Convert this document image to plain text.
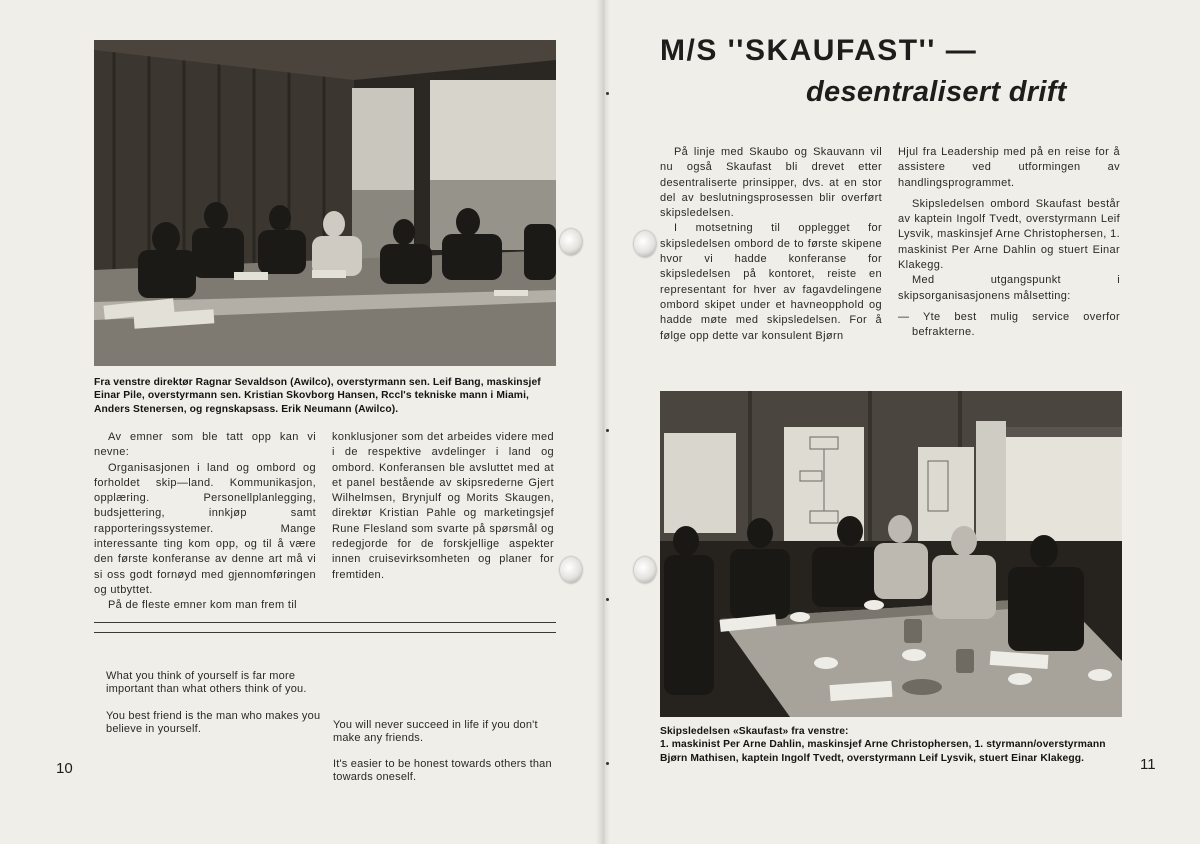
Fra venstre direktør Ragnar Sevaldson (Awilco), overstyrmann sen. Leif Bang, maskinsjef Einar Pile, overstyrmann sen. Kristian Skovborg Hansen, Rccl's tekniske mann i Miami, Anders Stenersen, og regnskapsass. Erik Neumann (Awilco).

Av emner som ble tatt opp kan vi nevne:

Organisasjonen i land og ombord og forholdet skip—land. Kommunikasjon, opplæring. Personellplanlegging, budsjettering, innkjøp samt rapporteringssystemer. Mange interessante ting kom opp, og til å være den første konferanse av denne art må vi si oss godt fornøyd med gjennomføringen og utbyttet.

På de fleste emner kom man frem til

konklusjoner som det arbeides videre med i de respektive avdelinger i land og ombord. Konferansen ble avsluttet med at et panel bestående av skipsrederne Gjert Wilhelmsen, Brynjulf og Morits Skaugen, direktør Kristian Pahle og marketingsjef Rune Flesland som svarte på spørsmål og redegjorde for de forskjellige aspekter innen cruisevirksomheten og planer for fremtiden.

What you think of yourself is far more important than what others think of you.
You best friend is the man who makes you believe in yourself.	You will never succeed in life if you don't make any friends.
It's easier to be honest towards others than towards oneself.
10
M/S ''SKAUFAST'' —
desentralisert drift

På linje med Skaubo og Skauvann vil nu også Skaufast bli drevet etter desentraliserte prinsipper, dvs. at en stor del av beslutningsprosessen blir overført skipsledelsen.

I motsetning til opplegget for skipsledelsen ombord de to første skipene hvor vi hadde konferanse for skipsledelsen på kontoret, reiste en representant for hver av fagavdelingene ombord skipet under et havneopphold og hadde møte med skipsledelsen. For å følge opp dette var konsulent Bjørn

Hjul fra Leadership med på en reise for å assistere ved utformingen av handlingsprogrammet.

Skipsledelsen ombord Skaufast består av kaptein Ingolf Tvedt, overstyrmann Leif Lysvik, maskinsjef Arne Christophersen, 1. maskinist Per Arne Dahlin og stuert Einar Klakegg.

Med utgangspunkt i skipsorganisasjonens målsetting:

— Yte best mulig service overfor befrakterne.

Skipsledelsen «Skaufast» fra venstre:
1. maskinist Per Arne Dahlin, maskinsjef Arne Christophersen, 1. styrmann/overstyrmann Bjørn Mathisen, kaptein Ingolf Tvedt, overstyrmann Leif Lysvik, stuert Einar Klakegg.	11
